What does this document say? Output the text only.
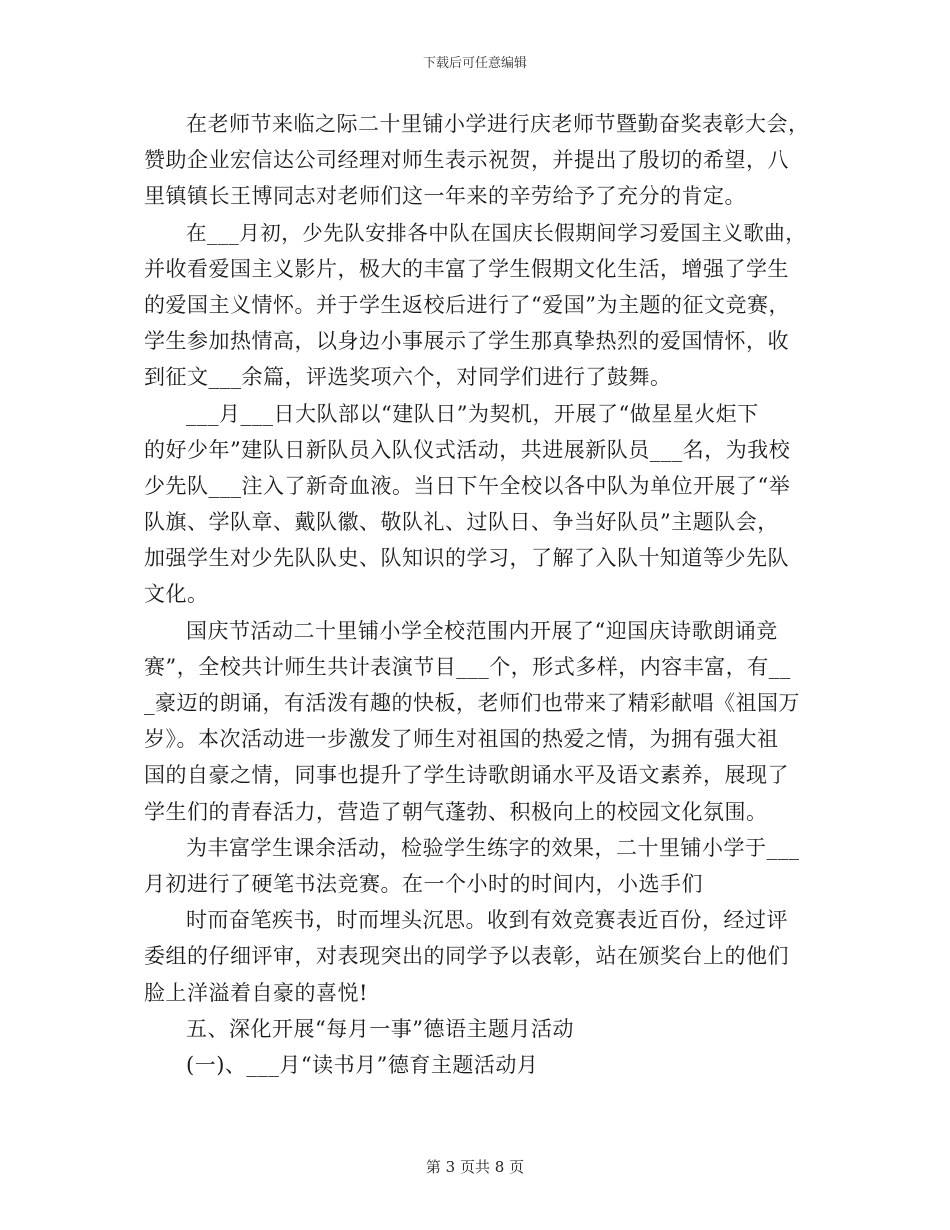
下载后可任意编辑
在老师节来临之际二十里铺小学进行庆老师节暨勤奋奖表彰大会，
赞助企业宏信达公司经理对师生表示祝贺，并提出了殷切的希望，八
里镇镇长王博同志对老师们这一年来的辛劳给予了充分的肯定。
在___月初，少先队安排各中队在国庆长假期间学习爱国主义歌曲，
并收看爱国主义影片，极大的丰富了学生假期文化生活，增强了学生
的爱国主义情怀。并于学生返校后进行了“爱国”为主题的征文竞赛，
学生参加热情高，以身边小事展示了学生那真挚热烈的爱国情怀，收
到征文___余篇，评选奖项六个，对同学们进行了鼓舞。
___月___日大队部以“建队日”为契机，开展了“做星星火炬下
的好少年”建队日新队员入队仪式活动，共进展新队员___名，为我校
少先队___注入了新奇血液。当日下午全校以各中队为单位开展了“举
队旗、学队章、戴队徽、敬队礼、过队日、争当好队员”主题队会，
加强学生对少先队队史、队知识的学习，了解了入队十知道等少先队
文化。
国庆节活动二十里铺小学全校范围内开展了“迎国庆诗歌朗诵竞
赛”，全校共计师生共计表演节目___个，形式多样，内容丰富，有__
_豪迈的朗诵，有活泼有趣的快板，老师们也带来了精彩献唱《祖国万
岁》。本次活动进一步激发了师生对祖国的热爱之情，为拥有强大祖
国的自豪之情，同事也提升了学生诗歌朗诵水平及语文素养，展现了
学生们的青春活力，营造了朝气蓬勃、积极向上的校园文化氛围。
为丰富学生课余活动，检验学生练字的效果，二十里铺小学于___
月初进行了硬笔书法竞赛。在一个小时的时间内，小选手们
时而奋笔疾书，时而埋头沉思。收到有效竞赛表近百份，经过评
委组的仔细评审，对表现突出的同学予以表彰，站在颁奖台上的他们
脸上洋溢着自豪的喜悦!
五、深化开展“每月一事”德语主题月活动
(一)、___月“读书月”德育主题活动月
第 3 页共 8 页
